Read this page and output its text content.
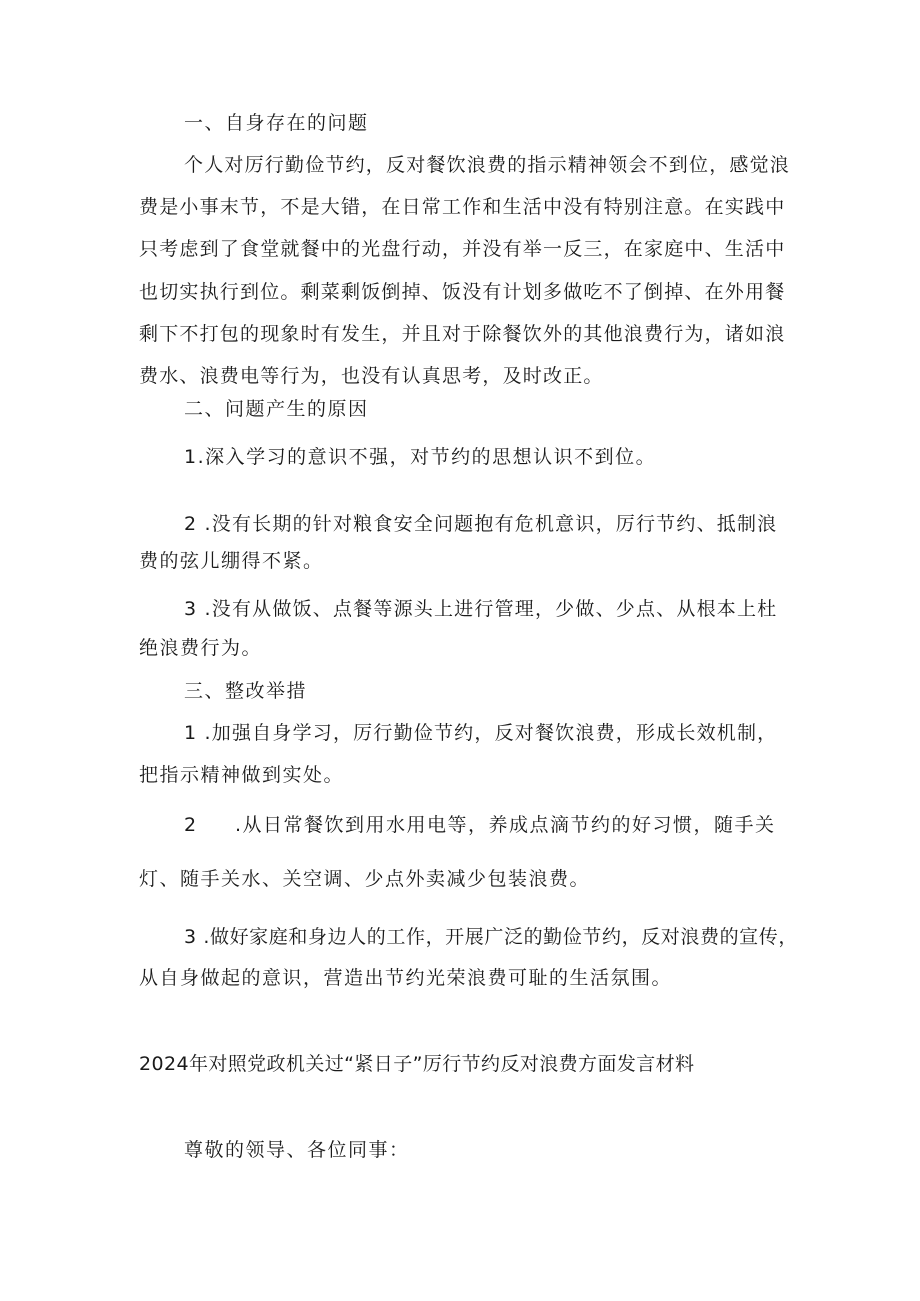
一、自身存在的问题
个人对厉行勤俭节约，反对餐饮浪费的指示精神领会不到位，感觉浪
费是小事末节，不是大错，在日常工作和生活中没有特别注意。在实践中
只考虑到了食堂就餐中的光盘行动，并没有举一反三，在家庭中、生活中
也切实执行到位。剩菜剩饭倒掉、饭没有计划多做吃不了倒掉、在外用餐
剩下不打包的现象时有发生，并且对于除餐饮外的其他浪费行为，诸如浪
费水、浪费电等行为，也没有认真思考，及时改正。
二、问题产生的原因
1.深入学习的意识不强，对节约的思想认识不到位。
2 .没有长期的针对粮食安全问题抱有危机意识，厉行节约、抵制浪
费的弦儿绷得不紧。
3 .没有从做饭、点餐等源头上进行管理，少做、少点、从根本上杜
绝浪费行为。
三、整改举措
1 .加强自身学习，厉行勤俭节约，反对餐饮浪费，形成长效机制，
把指示精神做到实处。
2 .从日常餐饮到用水用电等，养成点滴节约的好习惯，随手关
灯、随手关水、关空调、少点外卖减少包装浪费。
3 .做好家庭和身边人的工作，开展广泛的勤俭节约，反对浪费的宣传，
从自身做起的意识，营造出节约光荣浪费可耻的生活氛围。
2024年对照党政机关过“紧日子”厉行节约反对浪费方面发言材料
尊敬的领导、各位同事：
